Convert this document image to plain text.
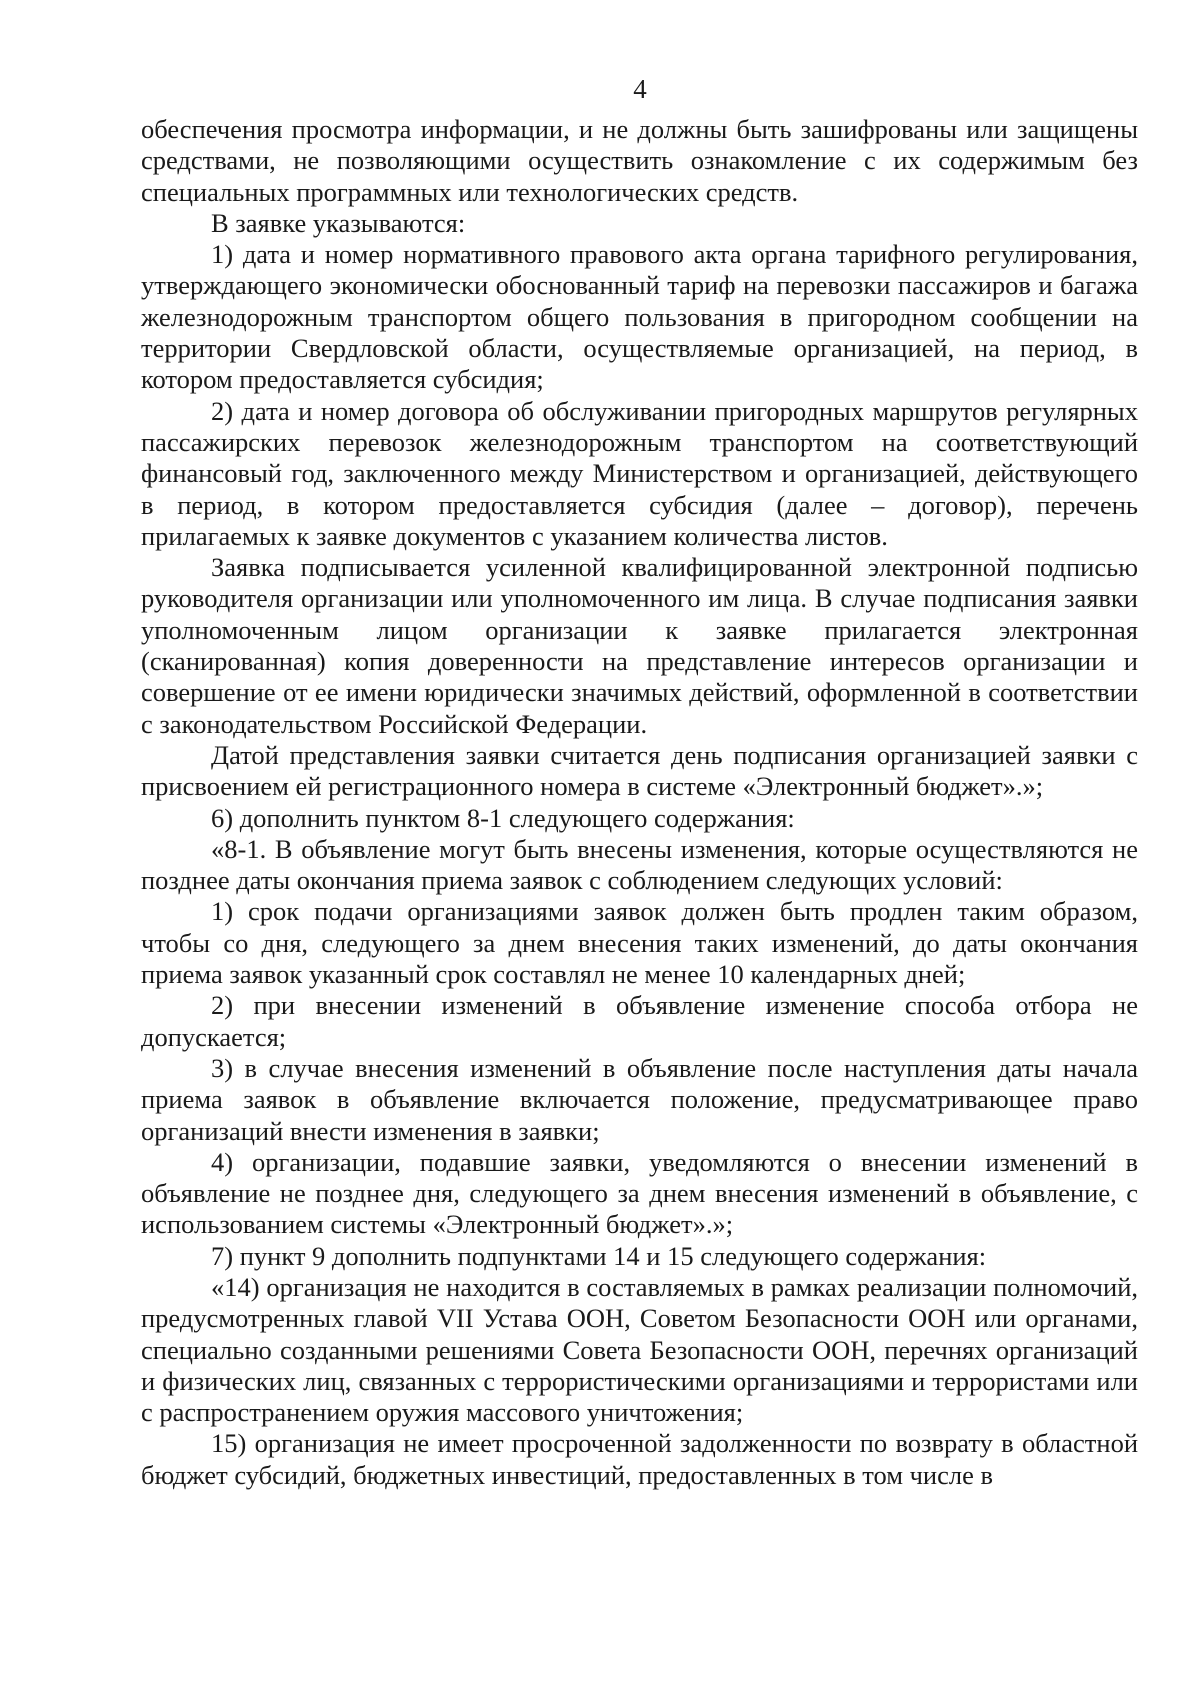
4

обеспечения просмотра информации, и не должны быть зашифрованы или защищены средствами, не позволяющими осуществить ознакомление с их содержимым без специальных программных или технологических средств.

В заявке указываются:

1) дата и номер нормативного правового акта органа тарифного регулирования, утверждающего экономически обоснованный тариф на перевозки пассажиров и багажа железнодорожным транспортом общего пользования в пригородном сообщении на территории Свердловской области, осуществляемые организацией, на период, в котором предоставляется субсидия;

2) дата и номер договора об обслуживании пригородных маршрутов регулярных пассажирских перевозок железнодорожным транспортом на соответствующий финансовый год, заключенного между Министерством и организацией, действующего в период, в котором предоставляется субсидия (далее – договор), перечень прилагаемых к заявке документов с указанием количества листов.

Заявка подписывается усиленной квалифицированной электронной подписью руководителя организации или уполномоченного им лица. В случае подписания заявки уполномоченным лицом организации к заявке прилагается электронная (сканированная) копия доверенности на представление интересов организации и совершение от ее имени юридически значимых действий, оформленной в соответствии с законодательством Российской Федерации.

Датой представления заявки считается день подписания организацией заявки с присвоением ей регистрационного номера в системе «Электронный бюджет».»;

6) дополнить пунктом 8-1 следующего содержания:

«8-1. В объявление могут быть внесены изменения, которые осуществляются не позднее даты окончания приема заявок с соблюдением следующих условий:

1) срок подачи организациями заявок должен быть продлен таким образом, чтобы со дня, следующего за днем внесения таких изменений, до даты окончания приема заявок указанный срок составлял не менее 10 календарных дней;

2) при внесении изменений в объявление изменение способа отбора не допускается;

3) в случае внесения изменений в объявление после наступления даты начала приема заявок в объявление включается положение, предусматривающее право организаций внести изменения в заявки;

4) организации, подавшие заявки, уведомляются о внесении изменений в объявление не позднее дня, следующего за днем внесения изменений в объявление, с использованием системы «Электронный бюджет».»;

7) пункт 9 дополнить подпунктами 14 и 15 следующего содержания:

«14) организация не находится в составляемых в рамках реализации полномочий, предусмотренных главой VII Устава ООН, Советом Безопасности ООН или органами, специально созданными решениями Совета Безопасности ООН, перечнях организаций и физических лиц, связанных с террористическими организациями и террористами или с распространением оружия массового уничтожения;

15) организация не имеет просроченной задолженности по возврату в областной бюджет субсидий, бюджетных инвестиций, предоставленных в том числе в
